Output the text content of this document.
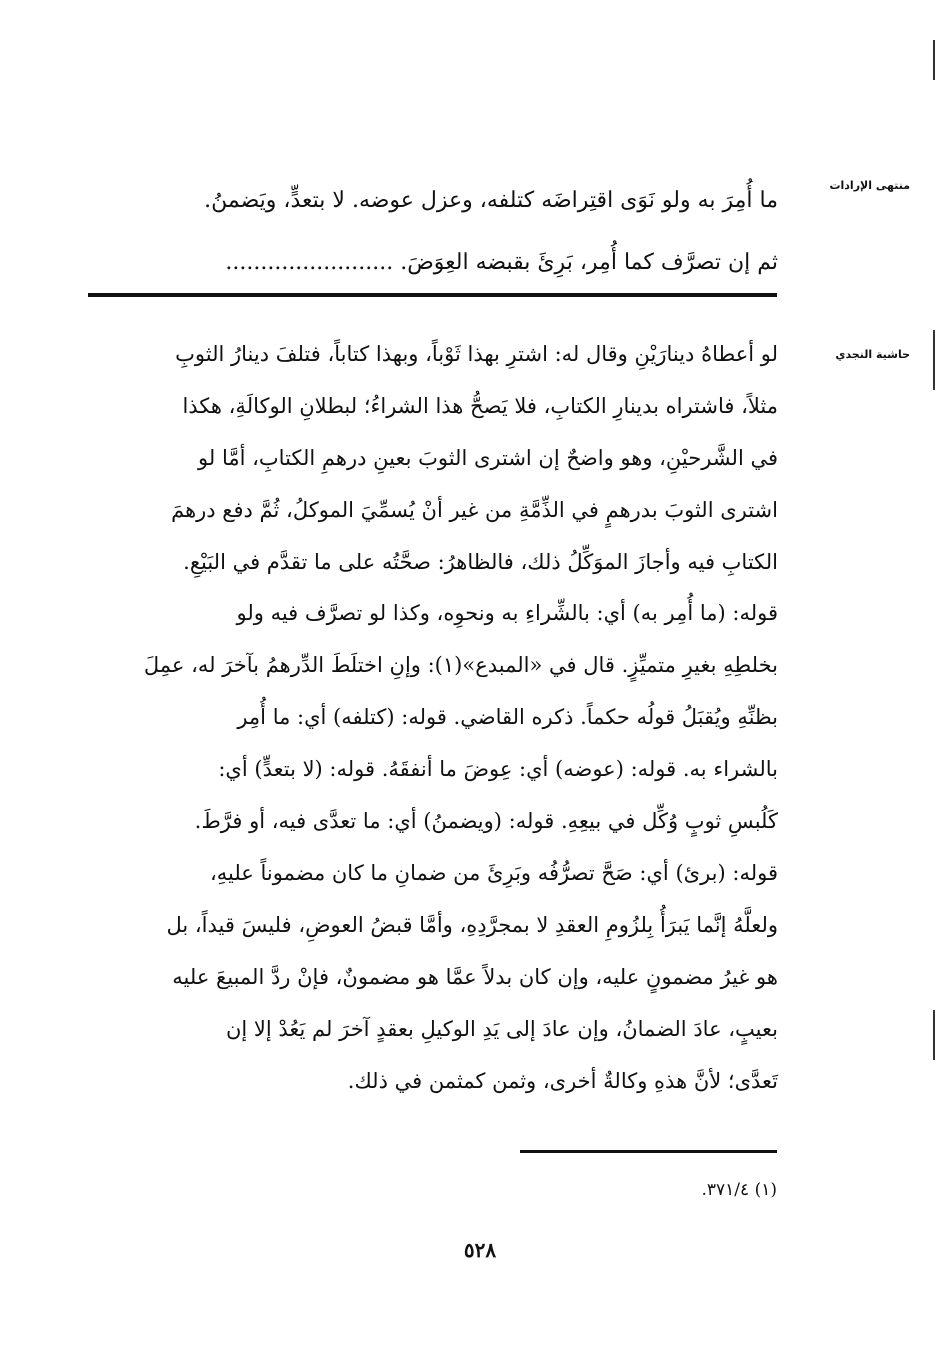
منتهى الإرادات

ما أُمِرَ به ولو نَوَى اقتِراضَه كتلفه، وعزل عوضه. لا بتعدٍّ، ويَضمنُ.

ثم إن تصرَّف كما أُمِر، بَرِئَ بقبضه العِوَضَ. ........................

حاشية النجدي

لو أعطاهُ دينارَيْنِ وقال له: اشترِ بهذا ثَوْباً، وبهذا كتاباً، فتلفَ دينارُ الثوبِ

مثلاً، فاشتراه بدينارِ الكتابِ، فلا يَصحُّ هذا الشراءُ؛ لبطلانِ الوكالَةِ، هكذا

في الشَّرحيْنِ، وهو واضحٌ إن اشترى الثوبَ بعينِ درهمِ الكتابِ، أمَّا لو

اشترى الثوبَ بدرهمٍ في الذِّمَّةِ من غير أنْ يُسمِّيَ الموكلُ، ثُمَّ دفع درهمَ

الكتابِ فيه وأجازَ الموَكِّلُ ذلك، فالظاهرُ: صحَّتُه على ما تقدَّم في البَيْعِ.

قوله: (ما أُمِر به) أي: بالشِّراءِ به ونحوِه، وكذا لو تصرَّف فيه ولو

بخلطِهِ بغيرِ متميِّزٍ. قال في «المبدع»(١): وإنِ اختلَطَ الدِّرهمُ بآخرَ له، عمِلَ

بظنِّهِ ويُقبَلُ قولُه حكماً. ذكره القاضي. قوله: (كتلفه) أي: ما أُمِر

بالشراء به. قوله: (عوضه) أي: عِوضَ ما أنفقَهُ. قوله: (لا بتعدٍّ) أي:

كَلُبسِ ثوبٍ وُكِّل في بيعِهِ. قوله: (ويضمنُ) أي: ما تعدَّى فيه، أو فرَّطَ.

قوله: (برئ) أي: صَحَّ تصرُّفُه وبَرِئَ من ضمانِ ما كان مضموناً عليهِ،

ولعلَّهُ إنَّما يَبرَأُ بِلزُومِ العقدِ لا بمجرَّدِهِ، وأمَّا قبضُ العوضِ، فليسَ قيداً، بل

هو غيرُ مضمونٍ عليه، وإن كان بدلاً عمَّا هو مضمونٌ، فإنْ ردَّ المبيعَ عليه

بعيبٍ، عادَ الضمانُ، وإن عادَ إلى يَدِ الوكيلِ بعقدٍ آخرَ لم يَعُدْ إلا إن

تَعدَّى؛ لأنَّ هذهِ وكالةٌ أخرى، وثمن كمثمن في ذلك.

(١) ٣٧١/٤.
٥٢٨
